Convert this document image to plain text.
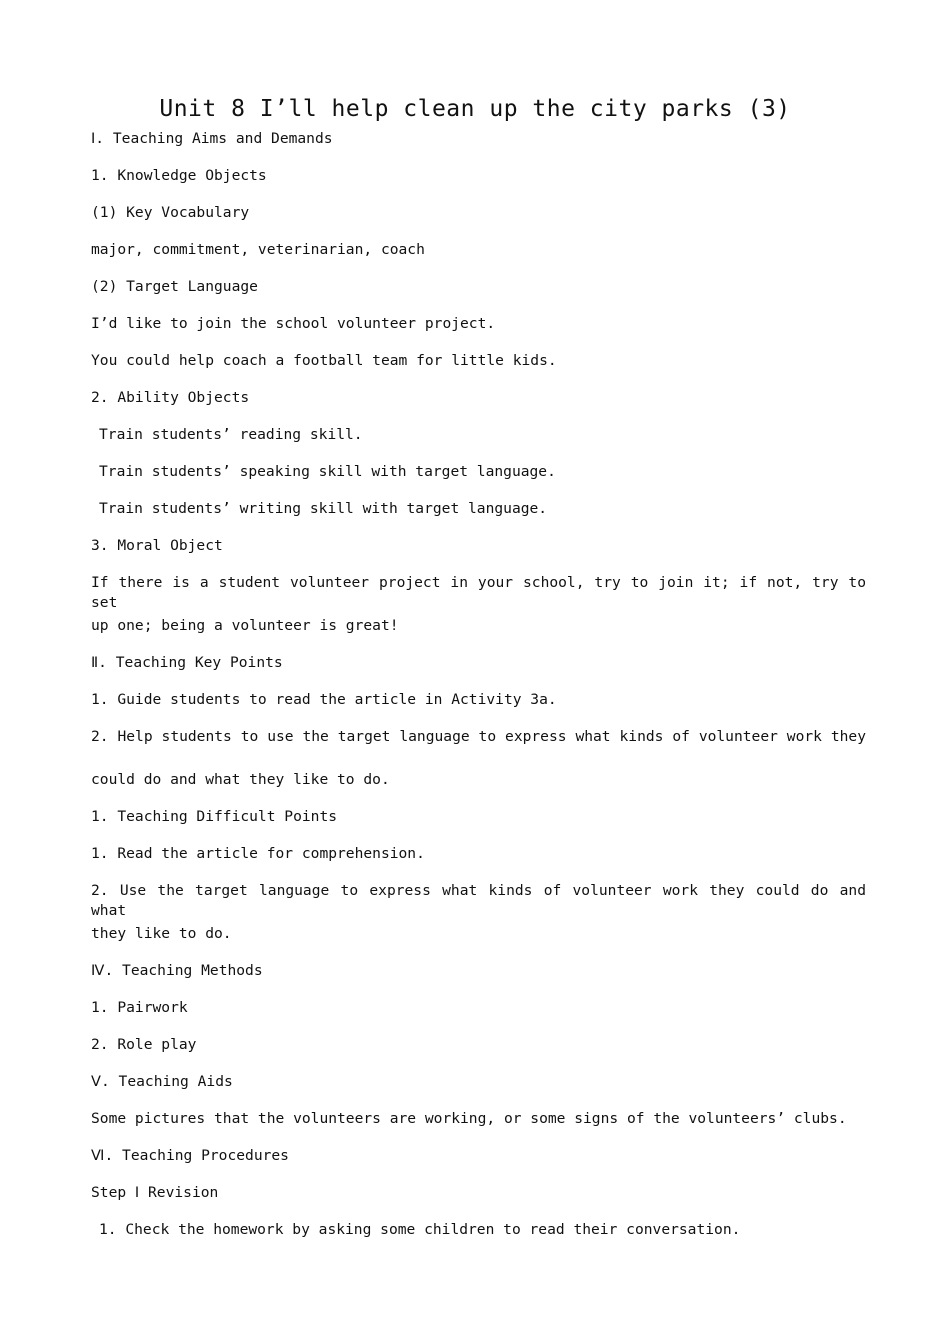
Unit 8 I’ll help clean up the city parks (3)
Ⅰ. Teaching Aims and Demands
1. Knowledge Objects
(1) Key Vocabulary
major, commitment, veterinarian, coach
(2) Target Language
I’d like to join the school volunteer project.
You could help coach a football team for little kids.
2. Ability Objects
Train students’ reading skill.
Train students’ speaking skill with target language.
Train students’ writing skill with target language.
3. Moral Object
If there is a student volunteer project in your school, try to join it; if not, try to set
up one; being a volunteer is great!
Ⅱ. Teaching Key Points
1. Guide students to read the article in Activity 3a.
2. Help students to use the target language to express what kinds of volunteer work they
could do and what they like to do.
1. Teaching Difficult Points
1. Read the article for comprehension.
2. Use the target language to express what kinds of volunteer work they could do and what
they like to do.
Ⅳ. Teaching Methods
1. Pairwork
2. Role play
Ⅴ. Teaching Aids
Some pictures that the volunteers are working, or some signs of the volunteers’ clubs.
Ⅵ. Teaching Procedures
Step Ⅰ Revision
1. Check the homework by asking some children to read their conversation.
